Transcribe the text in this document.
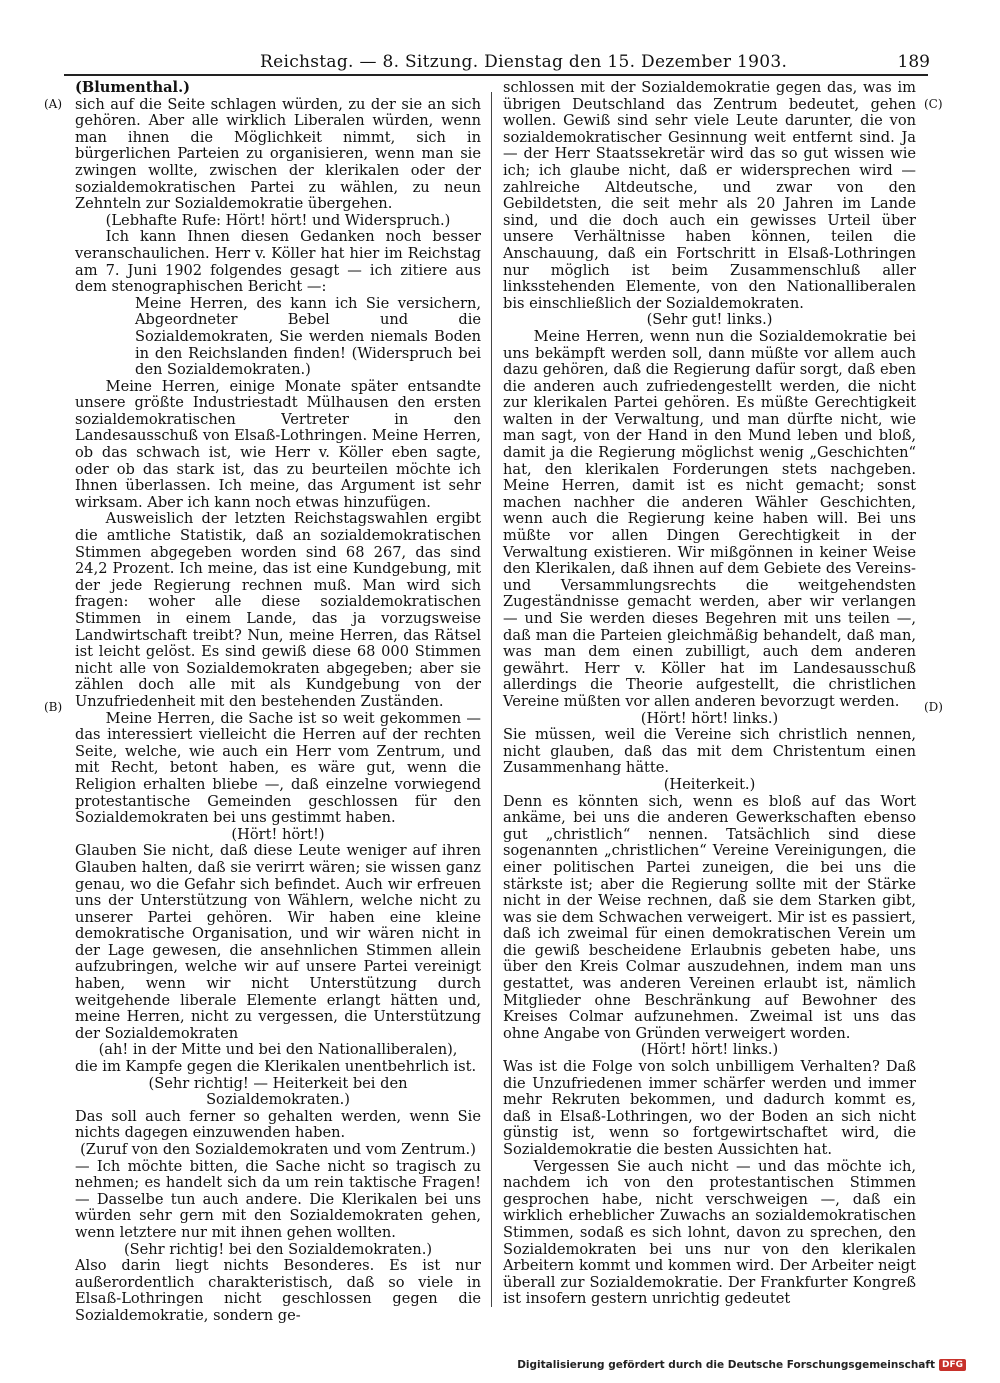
Reichstag. — 8. Sitzung. Dienstag den 15. Dezember 1903.	189
(A)
(B)
(C)
(D)

(Blumenthal.)

sich auf die Seite schlagen würden, zu der sie an sich gehören. Aber alle wirklich Liberalen würden, wenn man ihnen die Möglichkeit nimmt, sich in bürgerlichen Parteien zu organisieren, wenn man sie zwingen wollte, zwischen der klerikalen oder der sozialdemokratischen Partei zu wählen, zu neun Zehnteln zur Sozialdemokratie übergehen.

(Lebhafte Rufe: Hört! hört! und Widerspruch.)

Ich kann Ihnen diesen Gedanken noch besser veranschaulichen. Herr v. Köller hat hier im Reichstag am 7. Juni 1902 folgendes gesagt — ich zitiere aus dem stenographischen Bericht —:

Meine Herren, des kann ich Sie versichern, Abgeordneter Bebel und die Sozialdemokraten, Sie werden niemals Boden in den Reichslanden finden! (Widerspruch bei den Sozialdemokraten.)

Meine Herren, einige Monate später entsandte unsere größte Industriestadt Mülhausen den ersten sozialdemokratischen Vertreter in den Landesausschuß von Elsaß-Lothringen. Meine Herren, ob das schwach ist, wie Herr v. Köller eben sagte, oder ob das stark ist, das zu beurteilen möchte ich Ihnen überlassen. Ich meine, das Argument ist sehr wirksam. Aber ich kann noch etwas hinzufügen.

Ausweislich der letzten Reichstagswahlen ergibt die amtliche Statistik, daß an sozialdemokratischen Stimmen abgegeben worden sind 68 267, das sind 24,2 Prozent. Ich meine, das ist eine Kundgebung, mit der jede Regierung rechnen muß. Man wird sich fragen: woher alle diese sozialdemokratischen Stimmen in einem Lande, das ja vorzugsweise Landwirtschaft treibt? Nun, meine Herren, das Rätsel ist leicht gelöst. Es sind gewiß diese 68 000 Stimmen nicht alle von Sozialdemokraten abgegeben; aber sie zählen doch alle mit als Kundgebung von der Unzufriedenheit mit den bestehenden Zuständen.

Meine Herren, die Sache ist so weit gekommen — das interessiert vielleicht die Herren auf der rechten Seite, welche, wie auch ein Herr vom Zentrum, und mit Recht, betont haben, es wäre gut, wenn die Religion erhalten bliebe —, daß einzelne vorwiegend protestantische Gemeinden geschlossen für den Sozialdemokraten bei uns gestimmt haben.

(Hört! hört!)

Glauben Sie nicht, daß diese Leute weniger auf ihren Glauben halten, daß sie verirrt wären; sie wissen ganz genau, wo die Gefahr sich befindet. Auch wir erfreuen uns der Unterstützung von Wählern, welche nicht zu unserer Partei gehören. Wir haben eine kleine demokratische Organisation, und wir wären nicht in der Lage gewesen, die ansehnlichen Stimmen allein aufzubringen, welche wir auf unsere Partei vereinigt haben, wenn wir nicht Unterstützung durch weitgehende liberale Elemente erlangt hätten und, meine Herren, nicht zu vergessen, die Unterstützung der Sozialdemokraten

(ah! in der Mitte und bei den Nationalliberalen),

die im Kampfe gegen die Klerikalen unentbehrlich ist.

(Sehr richtig! — Heiterkeit bei den Sozialdemokraten.)

Das soll auch ferner so gehalten werden, wenn Sie nichts dagegen einzuwenden haben.

(Zuruf von den Sozialdemokraten und vom Zentrum.)

— Ich möchte bitten, die Sache nicht so tragisch zu nehmen; es handelt sich da um rein taktische Fragen! — Dasselbe tun auch andere. Die Klerikalen bei uns würden sehr gern mit den Sozialdemokraten gehen, wenn letztere nur mit ihnen gehen wollten.

(Sehr richtig! bei den Sozialdemokraten.)

Also darin liegt nichts Besonderes. Es ist nur außerordentlich charakteristisch, daß so viele in Elsaß-Lothringen nicht geschlossen gegen die Sozialdemokratie, sondern ge-

schlossen mit der Sozialdemokratie gegen das, was im übrigen Deutschland das Zentrum bedeutet, gehen wollen. Gewiß sind sehr viele Leute darunter, die von sozialdemokratischer Gesinnung weit entfernt sind. Ja — der Herr Staatssekretär wird das so gut wissen wie ich; ich glaube nicht, daß er widersprechen wird — zahlreiche Altdeutsche, und zwar von den Gebildetsten, die seit mehr als 20 Jahren im Lande sind, und die doch auch ein gewisses Urteil über unsere Verhältnisse haben können, teilen die Anschauung, daß ein Fortschritt in Elsaß-Lothringen nur möglich ist beim Zusammenschluß aller linksstehenden Elemente, von den Nationalliberalen bis einschließlich der Sozialdemokraten.

(Sehr gut! links.)

Meine Herren, wenn nun die Sozialdemokratie bei uns bekämpft werden soll, dann müßte vor allem auch dazu gehören, daß die Regierung dafür sorgt, daß eben die anderen auch zufriedengestellt werden, die nicht zur klerikalen Partei gehören. Es müßte Gerechtigkeit walten in der Verwaltung, und man dürfte nicht, wie man sagt, von der Hand in den Mund leben und bloß, damit ja die Regierung möglichst wenig „Geschichten“ hat, den klerikalen Forderungen stets nachgeben. Meine Herren, damit ist es nicht gemacht; sonst machen nachher die anderen Wähler Geschichten, wenn auch die Regierung keine haben will. Bei uns müßte vor allen Dingen Gerechtigkeit in der Verwaltung existieren. Wir mißgönnen in keiner Weise den Klerikalen, daß ihnen auf dem Gebiete des Vereins- und Versammlungsrechts die weitgehendsten Zugeständnisse gemacht werden, aber wir verlangen — und Sie werden dieses Begehren mit uns teilen —, daß man die Parteien gleichmäßig behandelt, daß man, was man dem einen zubilligt, auch dem anderen gewährt. Herr v. Köller hat im Landesausschuß allerdings die Theorie aufgestellt, die christlichen Vereine müßten vor allen anderen bevorzugt werden.

(Hört! hört! links.)

Sie müssen, weil die Vereine sich christlich nennen, nicht glauben, daß das mit dem Christentum einen Zusammenhang hätte.

(Heiterkeit.)

Denn es könnten sich, wenn es bloß auf das Wort ankäme, bei uns die anderen Gewerkschaften ebenso gut „christlich“ nennen. Tatsächlich sind diese sogenannten „christlichen“ Vereine Vereinigungen, die einer politischen Partei zuneigen, die bei uns die stärkste ist; aber die Regierung sollte mit der Stärke nicht in der Weise rechnen, daß sie dem Starken gibt, was sie dem Schwachen verweigert. Mir ist es passiert, daß ich zweimal für einen demokratischen Verein um die gewiß bescheidene Erlaubnis gebeten habe, uns über den Kreis Colmar auszudehnen, indem man uns gestattet, was anderen Vereinen erlaubt ist, nämlich Mitglieder ohne Beschränkung auf Bewohner des Kreises Colmar aufzunehmen. Zweimal ist uns das ohne Angabe von Gründen verweigert worden.

(Hört! hört! links.)

Was ist die Folge von solch unbilligem Verhalten? Daß die Unzufriedenen immer schärfer werden und immer mehr Rekruten bekommen, und dadurch kommt es, daß in Elsaß-Lothringen, wo der Boden an sich nicht günstig ist, wenn so fortgewirtschaftet wird, die Sozialdemokratie die besten Aussichten hat.

Vergessen Sie auch nicht — und das möchte ich, nachdem ich von den protestantischen Stimmen gesprochen habe, nicht verschweigen —, daß ein wirklich erheblicher Zuwachs an sozialdemokratischen Stimmen, sodaß es sich lohnt, davon zu sprechen, den Sozialdemokraten bei uns nur von den klerikalen Arbeitern kommt und kommen wird. Der Arbeiter neigt überall zur Sozialdemokratie. Der Frankfurter Kongreß ist insofern gestern unrichtig gedeutet

Digitalisierung gefördert durch die Deutsche Forschungsgemeinschaft DFG
